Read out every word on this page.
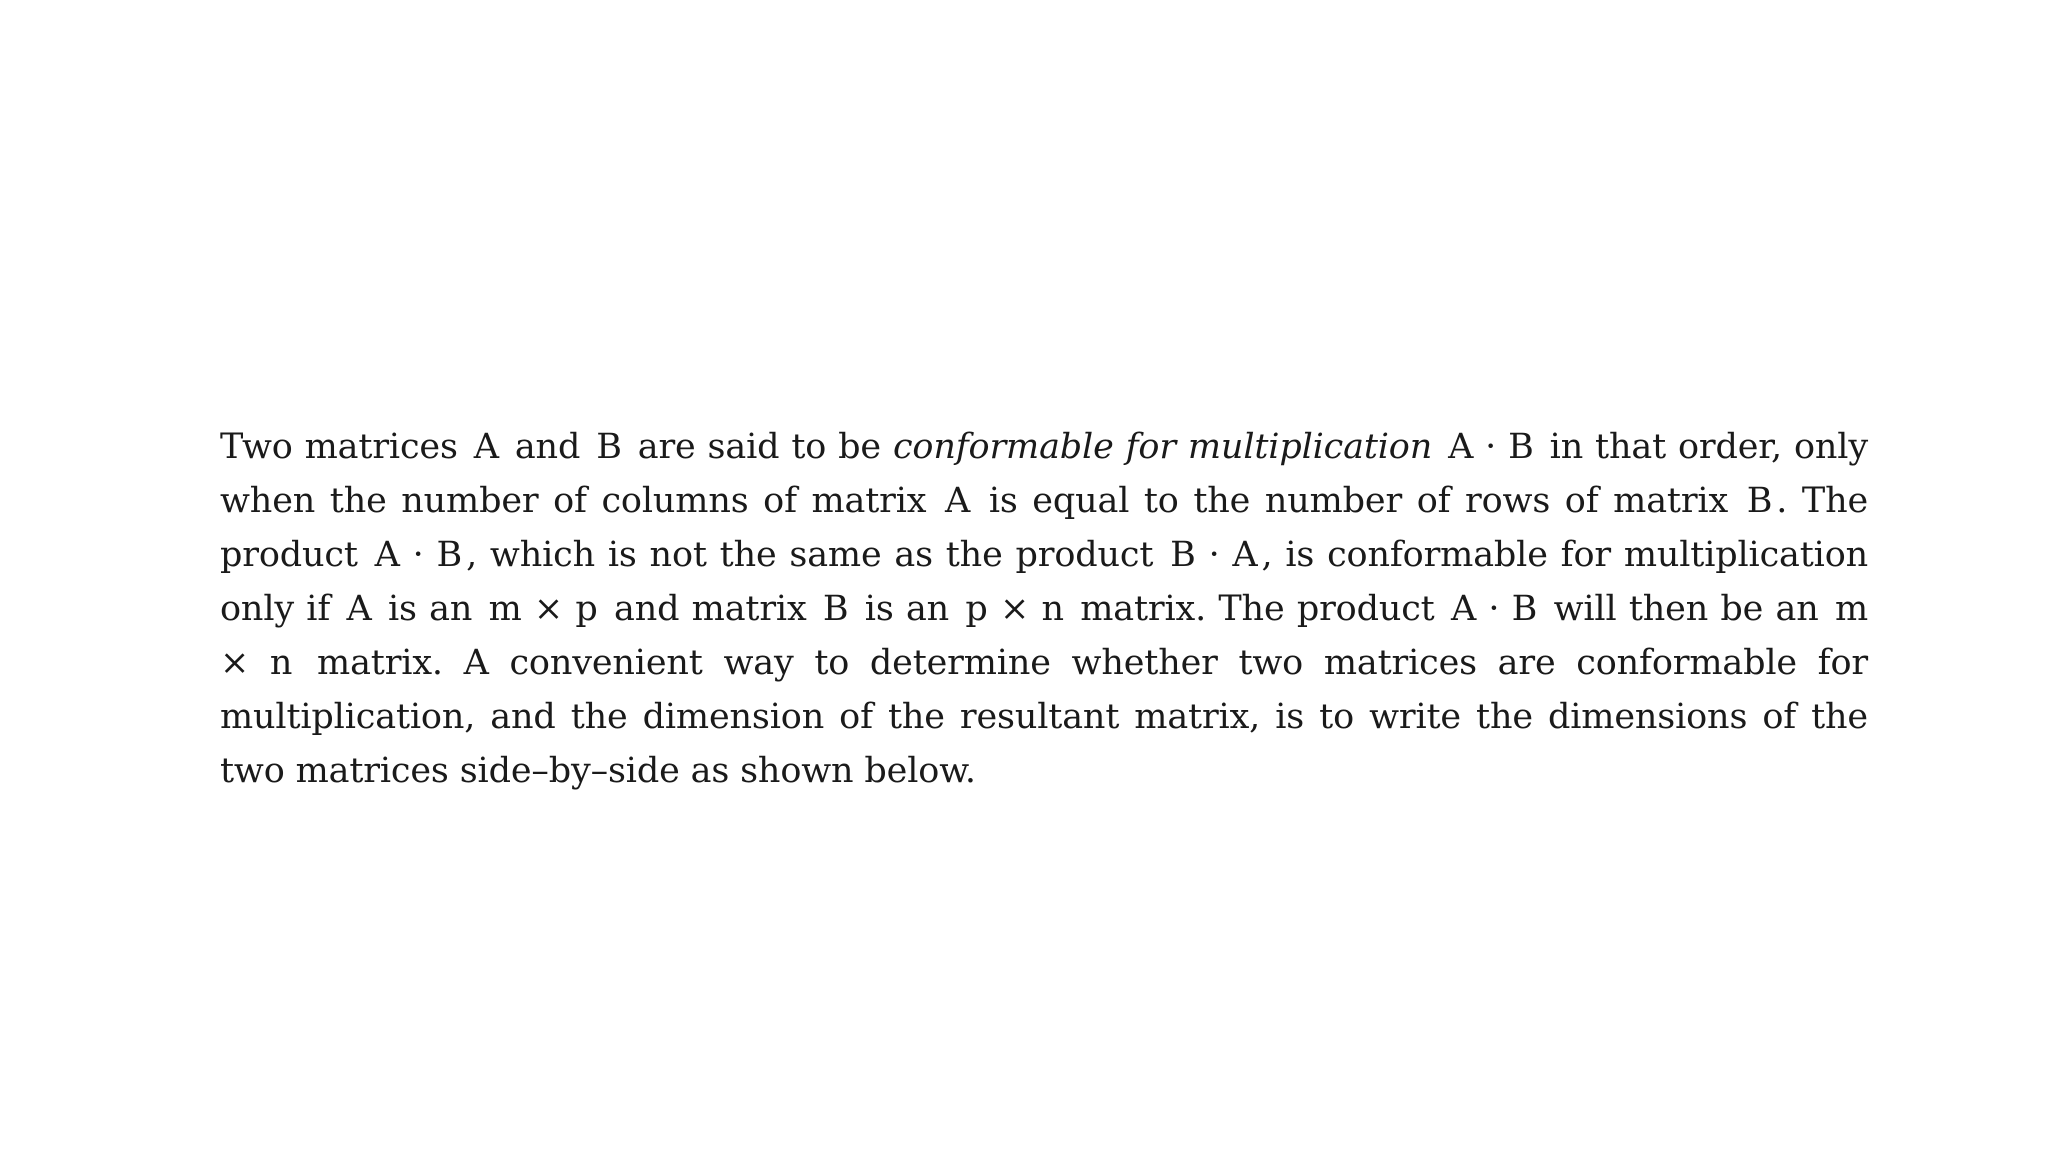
Two matrices A and B are said to be conformable for multiplication A · B in that order, only when the number of columns of matrix A is equal to the number of rows of matrix B . The product A · B , which is not the same as the product B · A , is conformable for multiplication only if A is an m × p and matrix B is an p × n matrix. The product A · B will then be an m × n matrix. A convenient way to determine whether two matrices are conformable for multiplication, and the dimension of the resultant matrix, is to write the dimensions of the two matrices side–by–side as shown below.
